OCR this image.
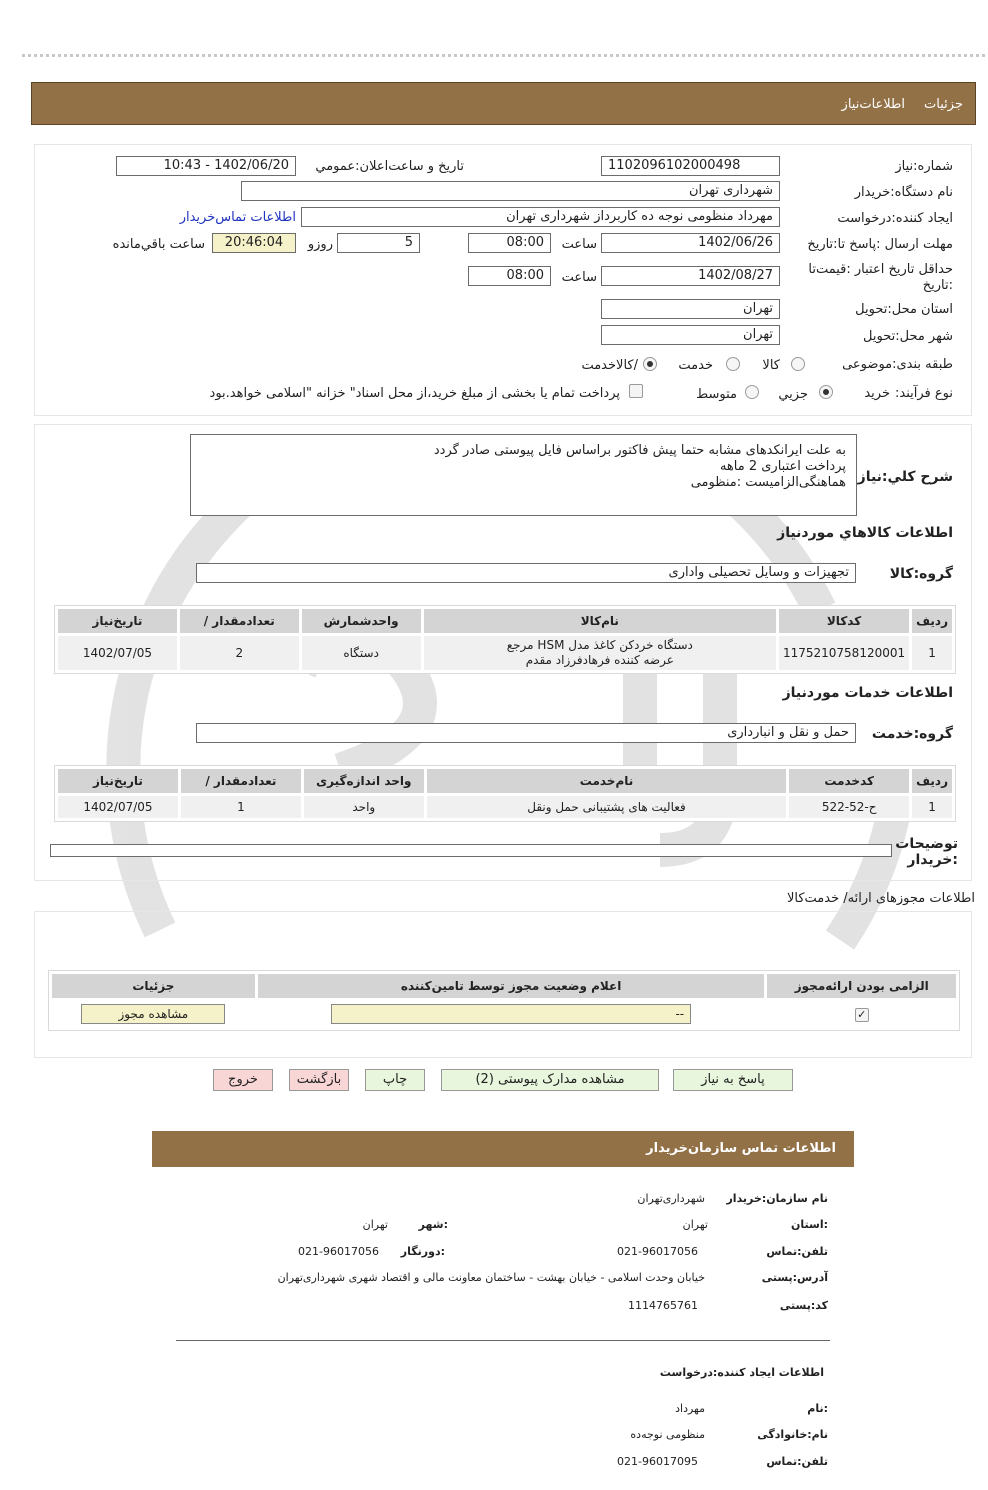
جزئیات
اطلاعات‌نیاز
شماره:نیاز
1102096102000498
تاریخ و ساعت‌اعلان:عمومي
1402/06/20 - 10:43
نام دستگاه:خريدار
شهرداری تهران
ايجاد کننده:درخواست
مهرداد منظومی نوجه ده کاربرداز شهرداری تهران
اطلاعات تماس‌خريدار
مهلت ارسال :پاسخ تا:تاريخ
1402/06/26
ساعت
08:00
5
روزو
20:46:04
ساعت باقي‌مانده
حداقل تاريخ اعتبار :قيمت‌تا
:تاريخ
1402/08/27
ساعت
08:00
استان محل:تحويل
تهران
شهر محل:تحويل
تهران
طبقه بندی:موضوعی
کالا
خدمت
/کالاخدمت
نوع فرآيند:
خريد
جزيي
متوسط
پرداخت تمام يا بخشی از مبلغ خريد،از محل اسناد" خزانه "اسلامی خواهد.بود
شرح کلي:نياز
به علت ایرانکدهای مشابه حتما پیش فاکتور براساس فایل پیوستی صادر گردد
پرداخت اعتباری 2 ماهه
هماهنگی‌الزامیست :منظومی
اطلاعات کالاهاي موردنياز
گروه:کالا
تجهيزات و وسايل تحصيلی واداری
رديف	کدکالا	نام‌کالا	واحدشمارش	تعدادمقدار /	تاريخ‌نياز
1	1175210758120001	دستگاه خردکن کاغذ مدل HSM مرجع
عرضه کننده فرهادفرزاد مقدم	دستگاه	2	1402/07/05
اطلاعات خدمات موردنياز
گروه:خدمت
حمل و نقل و انبارداری
رديف	کدخدمت	نام‌خدمت	واحد اندازه‌گيری	تعدادمقدار /	تاريخ‌نياز
1	ح-52-522	فعاليت های پشتيبانی حمل ونقل	واحد	1	1402/07/05
توضيحات
:خريدار
اطلاعات مجوزهای ارائه/ خدمت‌کالا
الزامی بودن ارائه‌مجوز	اعلام وضعيت مجوز توسط تامين‌کننده	جزئيات
✓	--	مشاهده مجوز
پاسخ به نياز
مشاهده مدارک پیوستی (2)
چاپ
بازگشت
خروج
اطلاعات تماس سازمان‌خريدار
نام سازمان:خريدار
شهرداری‌تهران
:استان
تهران
:شهر
تهران
تلفن:تماس
021-96017056
:دورنگار
021-96017056
آدرس:پستی
خیابان وحدت اسلامی - خیابان بهشت - ساختمان معاونت مالی و اقتصاد شهری شهرداری‌تهران
کد:پستی
1114765761
اطلاعات ایجاد کننده:درخواست
:نام
مهرداد
نام:خانوادگی
منظومی نوجه‌ده
تلفن:تماس
021-96017095
